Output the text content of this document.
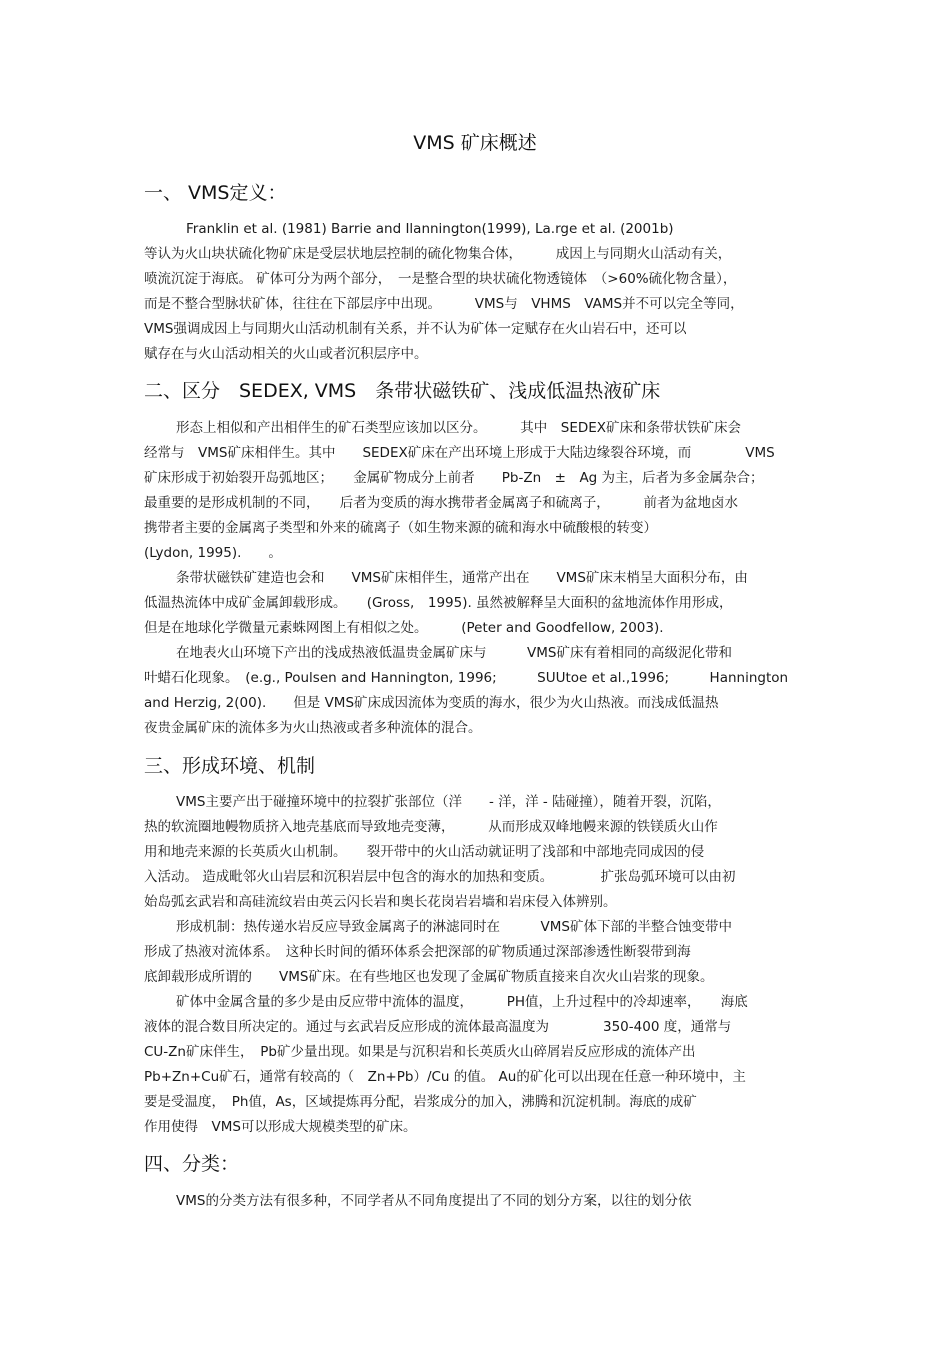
VMS 矿床概述
一、 VMS定义：
Franklin et al. (1981) Barrie and Ilannington(1999), La.rge et al. (2001b)
等认为火山块状硫化物矿床是受层状地层控制的硫化物集合体，　　　成因上与同期火山活动有关，
喷流沉淀于海底。 矿体可分为两个部分，　一是整合型的块状硫化物透镜体　（>60%硫化物含量），
而是不整合型脉状矿体，往往在下部层序中出现。　　　VMS与　VHMS　VAMS并不可以完全等同，
VMS强调成因上与同期火山活动机制有关系，并不认为矿体一定赋存在火山岩石中，还可以
赋存在与火山活动相关的火山或者沉积层序中。
二、区分　SEDEX, VMS　条带状磁铁矿、浅成低温热液矿床
形态上相似和产出相伴生的矿石类型应该加以区分。　　　其中　SEDEX矿床和条带状铁矿床会
经常与　VMS矿床相伴生。其中　　SEDEX矿床在产出环境上形成于大陆边缘裂谷环境，而　　　　VMS
矿床形成于初始裂开岛弧地区；　　金属矿物成分上前者　　Pb-Zn　±　Ag 为主，后者为多金属杂合；
最重要的是形成机制的不同，　　后者为变质的海水携带者金属离子和硫离子，　　　前者为盆地卤水
携带者主要的金属离子类型和外来的硫离子（如生物来源的硫和海水中硫酸根的转变）
(Lydon, 1995).　　。
条带状磁铁矿建造也会和　　VMS矿床相伴生，通常产出在　　VMS矿床末梢呈大面积分布，由
低温热流体中成矿金属卸载形成。　　(Gross,　1995). 虽然被解释呈大面积的盆地流体作用形成，
但是在地球化学微量元素蛛网图上有相似之处。　　　(Peter and Goodfellow, 2003).
在地表火山环境下产出的浅成热液低温贵金属矿床与　　　VMS矿床有着相同的高级泥化带和
叶蜡石化现象。　(e.g., Poulsen and Hannington, 1996;　　　SUUtoe et al.,1996;　　　Hannington
and Herzig, 2(00).　　但是 VMS矿床成因流体为变质的海水，很少为火山热液。而浅成低温热
夜贵金属矿床的流体多为火山热液或者多种流体的混合。
三、形成环境、机制
VMS主要产出于碰撞环境中的拉裂扩张部位（洋　　- 洋，洋 - 陆碰撞），随着开裂，沉陷，
热的软流圈地幔物质挤入地壳基底而导致地壳变薄，　　　从而形成双峰地幔来源的铁镁质火山作
用和地壳来源的长英质火山机制。　　裂开带中的火山活动就证明了浅部和中部地壳同成因的侵
入活动。 造成毗邻火山岩层和沉积岩层中包含的海水的加热和变质。　　　　扩张岛弧环境可以由初
始岛弧玄武岩和高硅流纹岩由英云闪长岩和奥长花岗岩岩墙和岩床侵入体辨别。
形成机制：热传递水岩反应导致金属离子的淋滤同时在　　　VMS矿体下部的半整合蚀变带中
形成了热液对流体系。　这种长时间的循环体系会把深部的矿物质通过深部渗透性断裂带到海
底卸载形成所谓的　　VMS矿床。在有些地区也发现了金属矿物质直接来自次火山岩浆的现象。
矿体中金属含量的多少是由反应带中流体的温度，　　　PH值，上升过程中的冷却速率，　　海底
液体的混合数目所决定的。通过与玄武岩反应形成的流体最高温度为　　　　350-400 度，通常与
CU-Zn矿床伴生，　Pb矿少量出现。如果是与沉积岩和长英质火山碎屑岩反应形成的流体产出
Pb+Zn+Cu矿石，通常有较高的（　Zn+Pb）/Cu 的值。 Au的矿化可以出现在任意一种环境中，主
要是受温度，　Ph值，As，区域提炼再分配，岩浆成分的加入，沸腾和沉淀机制。海底的成矿
作用使得　VMS可以形成大规模类型的矿床。
四、分类：
VMS的分类方法有很多种，不同学者从不同角度提出了不同的划分方案，以往的划分依
